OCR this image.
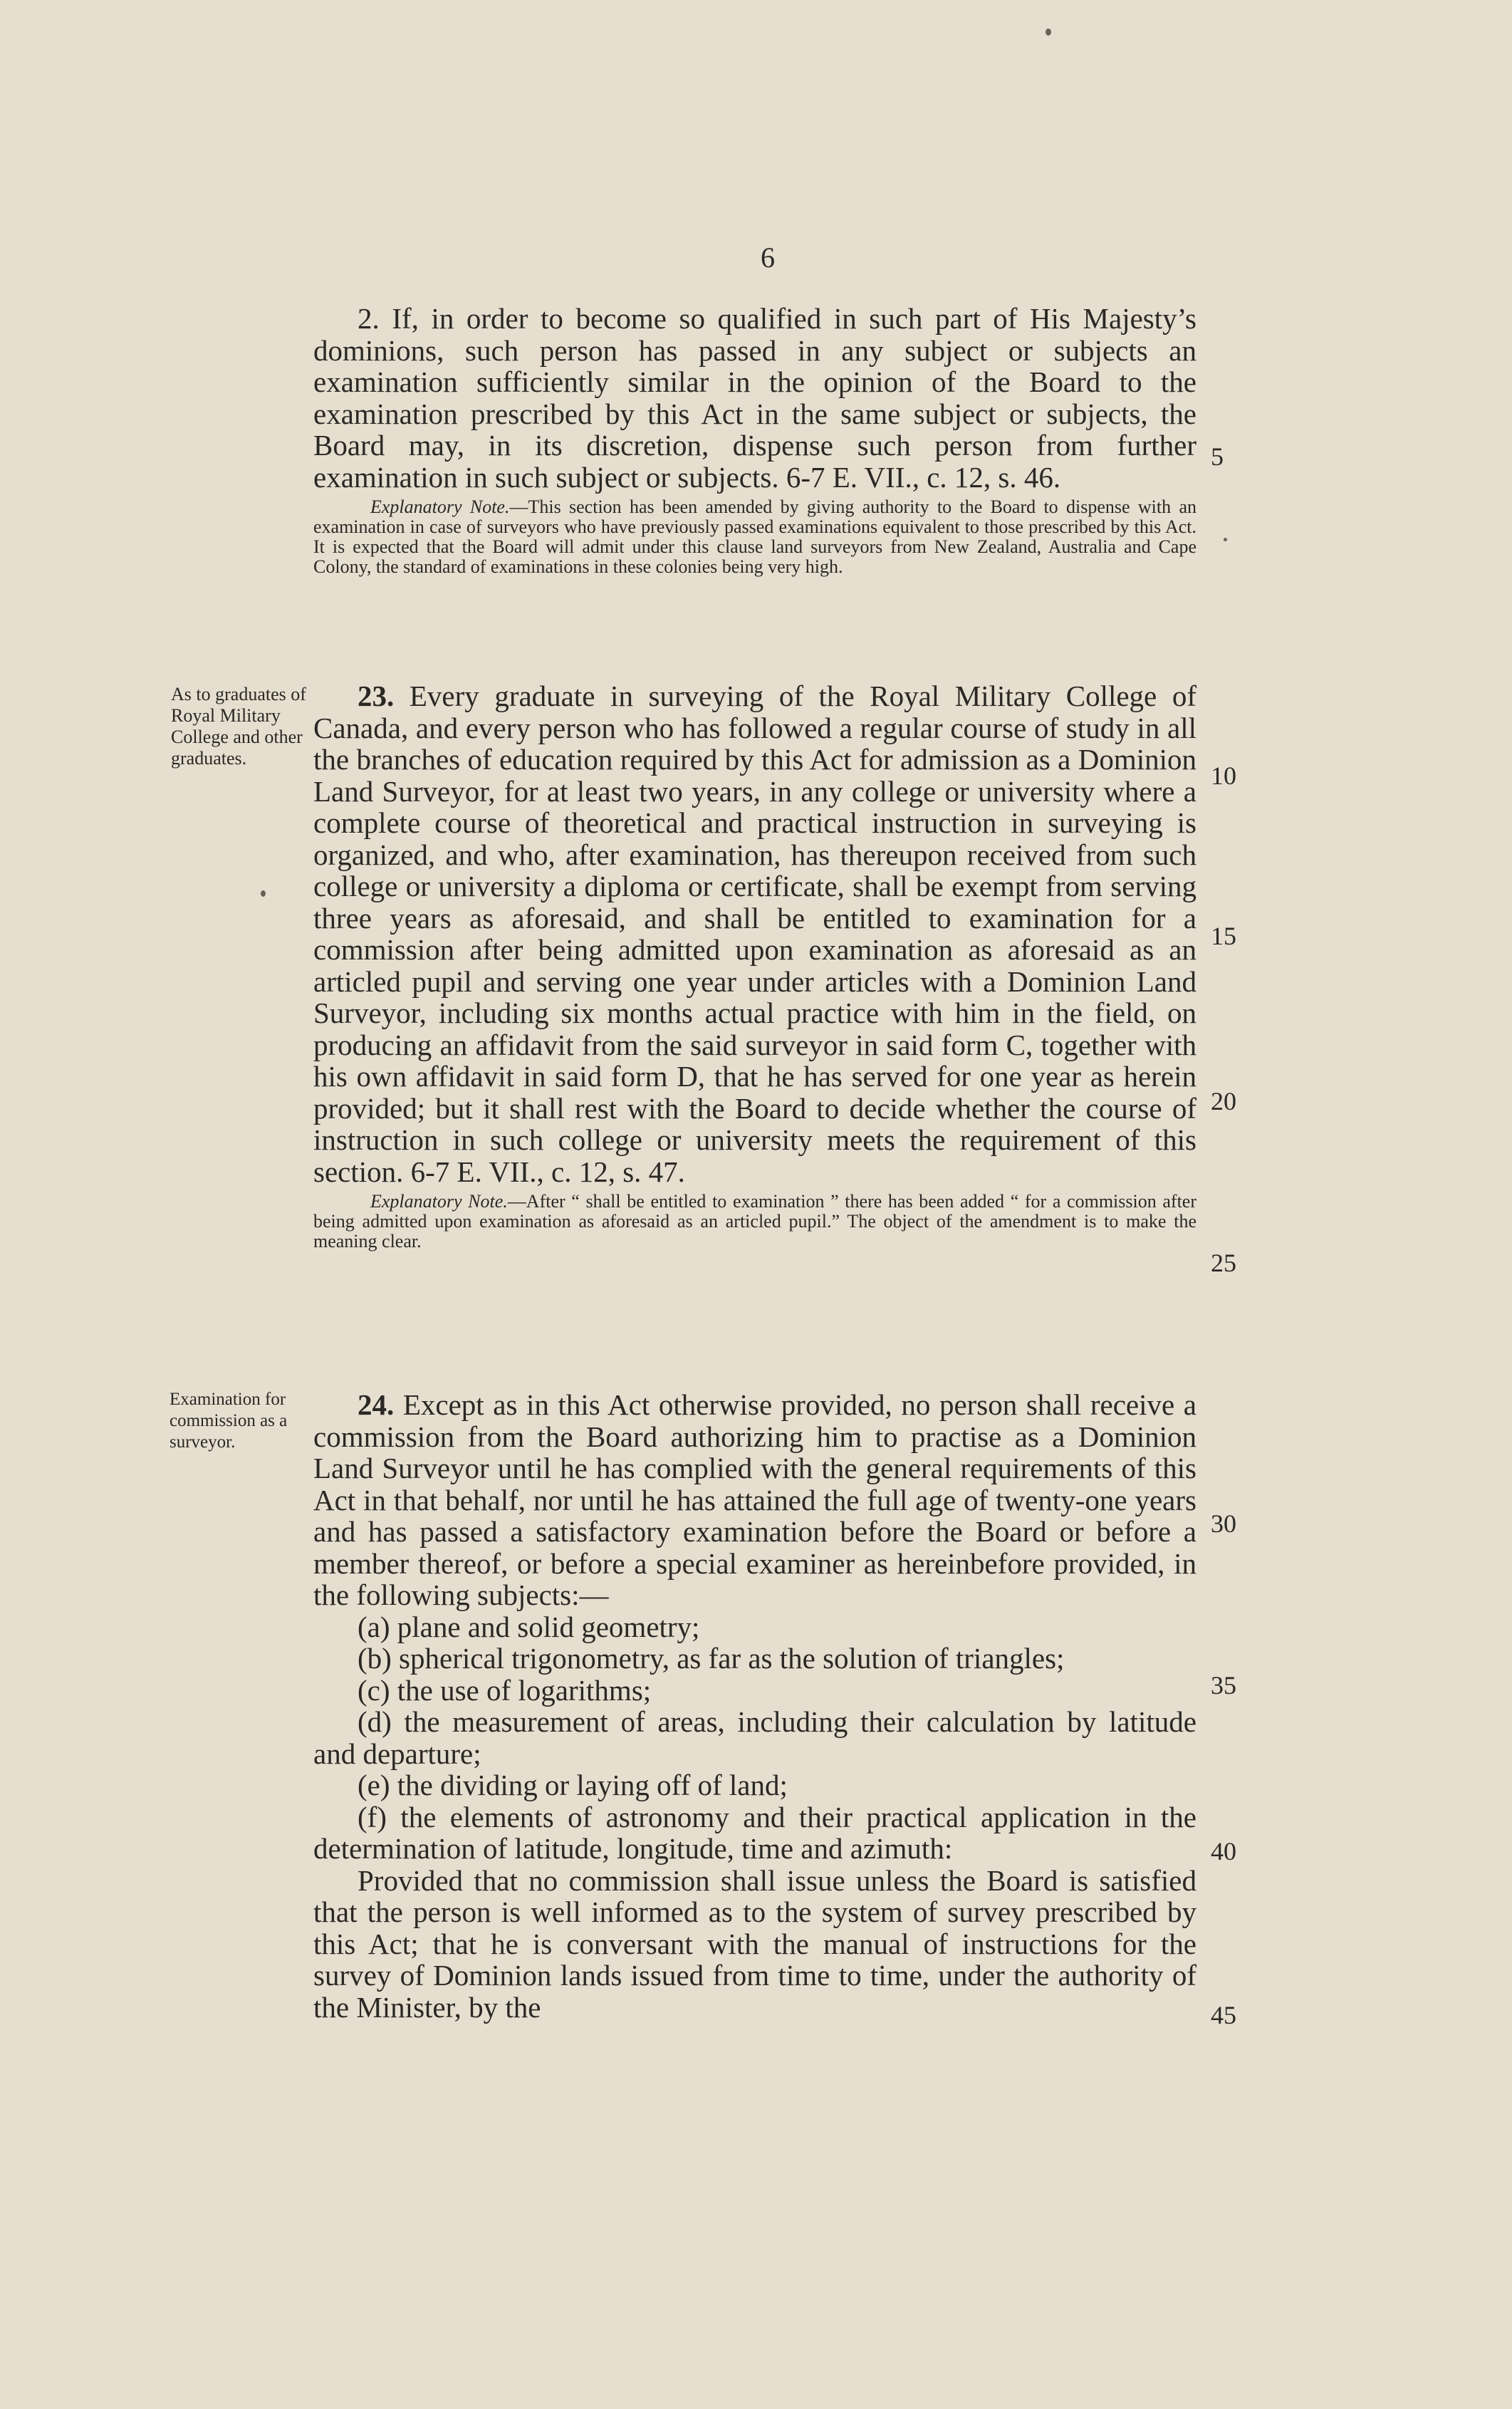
6

2. If, in order to become so qualified in such part of His Majesty’s dominions, such person has passed in any subject or subjects an examination sufficiently similar in the opinion of the Board to the examination prescribed by this Act in the same subject or subjects, the Board may, in its discretion, dispense such person from further examination in such subject or subjects. 6-7 E. VII., c. 12, s. 46.

Explanatory Note.—This section has been amended by giving authority to the Board to dispense with an examination in case of surveyors who have previously passed examinations equivalent to those prescribed by this Act. It is expected that the Board will admit under this clause land surveyors from New Zealand, Australia and Cape Colony, the standard of examinations in these colonies being very high.

As to graduates of Royal Military College and other graduates.

23. Every graduate in surveying of the Royal Military College of Canada, and every person who has followed a regular course of study in all the branches of education required by this Act for admission as a Dominion Land Surveyor, for at least two years, in any college or university where a complete course of theoretical and practical instruction in surveying is organized, and who, after examination, has thereupon received from such college or university a diploma or certificate, shall be exempt from serving three years as aforesaid, and shall be entitled to examination for a commission after being admitted upon examination as aforesaid as an articled pupil and serving one year under articles with a Dominion Land Surveyor, including six months actual practice with him in the field, on producing an affidavit from the said surveyor in said form C, together with his own affidavit in said form D, that he has served for one year as herein provided; but it shall rest with the Board to decide whether the course of instruction in such college or university meets the requirement of this section. 6-7 E. VII., c. 12, s. 47.

Explanatory Note.—After “ shall be entitled to examination ” there has been added “ for a commission after being admitted upon examination as aforesaid as an articled pupil.” The object of the amendment is to make the meaning clear.

Examination for commission as a surveyor.

24. Except as in this Act otherwise provided, no person shall receive a commission from the Board authorizing him to practise as a Dominion Land Surveyor until he has complied with the general requirements of this Act in that behalf, nor until he has attained the full age of twenty-one years and has passed a satisfactory examination before the Board or before a member thereof, or before a special examiner as hereinbefore provided, in the following subjects:—

(a) plane and solid geometry;

(b) spherical trigonometry, as far as the solution of triangles;

(c) the use of logarithms;

(d) the measurement of areas, including their calculation by latitude and departure;

(e) the dividing or laying off of land;

(f) the elements of astronomy and their practical application in the determination of latitude, longitude, time and azimuth:

Provided that no commission shall issue unless the Board is satisfied that the person is well informed as to the system of survey prescribed by this Act; that he is conversant with the manual of instructions for the survey of Dominion lands issued from time to time, under the authority of the Minister, by the

5
10
15
20
25
30
35
40
45
